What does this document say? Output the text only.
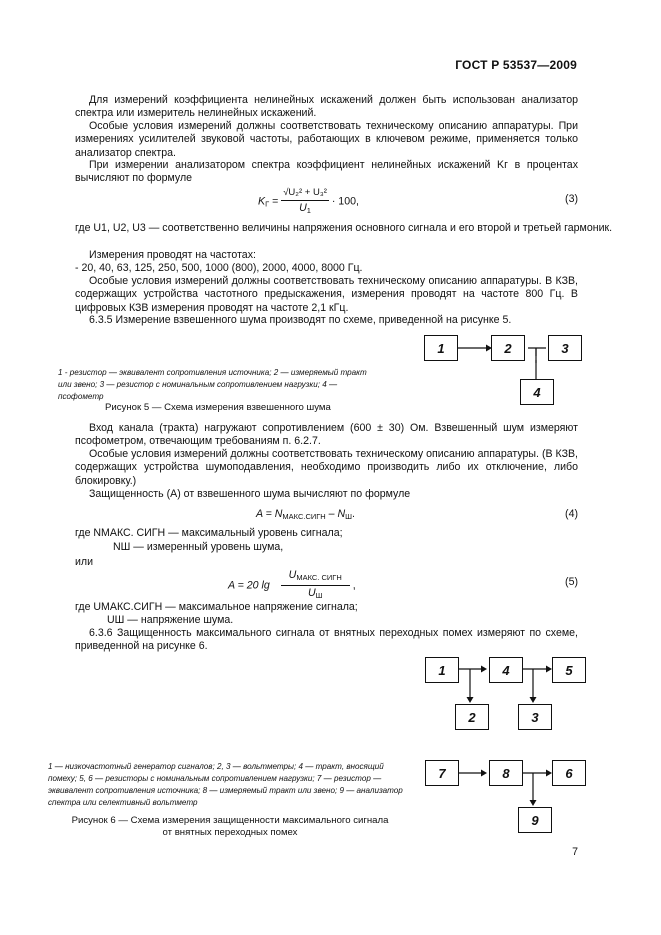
ГОСТ Р 53537—2009
Для измерений коэффициента нелинейных искажений должен быть использован анализатор спектра или измеритель нелинейных искажений.
Особые условия измерений должны соответствовать техническому описанию аппаратуры. При измерениях усилителей звуковой частоты, работающих в ключевом режиме, применяется только анализатор спектра.
При измерении анализатором спектра коэффициент нелинейных искажений Kг в процентах вычисляют по формуле
$K_Г = \frac{\text{√U₂² + U₃²}}{U_1} \cdot 100$,	(3)
где U1, U2, U3 — соответственно величины напряжения основного сигнала и его второй и третьей гармоник.
Измерения проводят на частотах:
- 20, 40, 63, 125, 250, 500, 1000 (800), 2000, 4000, 8000 Гц.
Особые условия измерений должны соответствовать техническому описанию аппаратуры. В КЗВ, содержащих устройства частотного предыскажения, измерения проводят на частоте 800 Гц. В цифровых КЗВ измерения проводят на частоте 2,1 кГц.
6.3.5 Измерение взвешенного шума производят по схеме, приведенной на рисунке 5.
1	2	3
4
1 - резистор — эквивалент сопротивления источника; 2 — измеряемый тракт или звено; 3 — резистор с номинальным сопротивлением нагрузки; 4 — псофометр
Рисунок 5 — Схема измерения взвешенного шума
Вход канала (тракта) нагружают сопротивлением (600 ± 30) Ом. Взвешенный шум измеряют псофометром, отвечающим требованиям п. 6.2.7.
Особые условия измерений должны соответствовать техническому описанию аппаратуры. (В КЗВ, содержащих устройства шумоподавления, необходимо производить либо их отключение, либо блокировку.)
Защищенность (А) от взвешенного шума вычисляют по формуле
$A = N_{МАКС.СИГН} - N_Ш$.	(4)
где NМАКС. СИГН — максимальный уровень сигнала;
NШ — измеренный уровень шума,
или
A = 20 $\lg \frac{U_{МАКС. СИГН}}{U_Ш}$ ,	(5)
где UМАКС.СИГН — максимальное напряжение сигнала;
UШ — напряжение шума.
6.3.6 Защищенность максимального сигнала от внятных переходных помех измеряют по схеме, приведенной на рисунке 6.
1	4	5
2	3
7	8	6
9
1 — низкочастотный генератор сигналов; 2, 3 — вольтметры; 4 — тракт, вносящий помеху; 5, 6 — резисторы с номинальным сопротивлением нагрузки; 7 — резистор — эквивалент сопротивления источника; 8 — измеряемый тракт или звено; 9 — анализатор спектра или селективный вольтметр
Рисунок 6 — Схема измерения защищенности максимального сигнала
от внятных переходных помех
7
